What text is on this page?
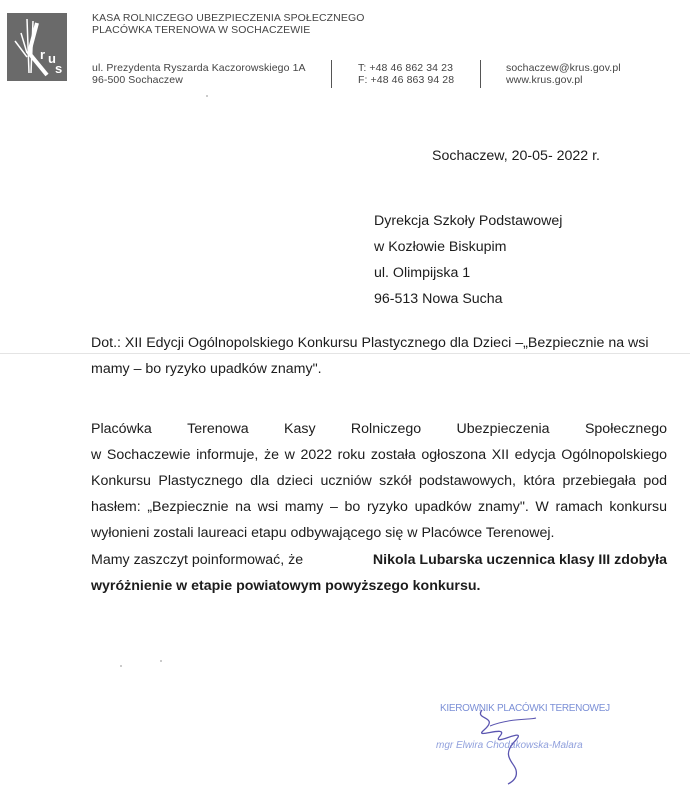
r u
s
KASA ROLNICZEGO UBEZPIECZENIA SPOŁECZNEGO
PLACÓWKA TERENOWA W SOCHACZEWIE
ul. Prezydenta Ryszarda Kaczorowskiego 1A
96-500 Sochaczew
T: +48 46 862 34 23
F: +48 46 863 94 28
sochaczew@krus.gov.pl
www.krus.gov.pl
Sochaczew, 20-05- 2022 r.
Dyrekcja Szkoły Podstawowej
w Kozłowie Biskupim
ul. Olimpijska 1
96-513 Nowa Sucha
Dot.: XII Edycji Ogólnopolskiego Konkursu Plastycznego dla Dzieci –„Bezpiecznie na wsi
mamy – bo ryzyko upadków znamy".
Placówka Terenowa Kasy Rolniczego Ubezpieczenia Społecznego
w Sochaczewie informuje, że w 2022 roku została ogłoszona XII edycja Ogólnopolskiego Konkursu Plastycznego dla dzieci uczniów szkół podstawowych, która przebiegała pod hasłem: „Bezpiecznie na wsi mamy – bo ryzyko upadków znamy". W ramach konkursu wyłonieni zostali laureaci etapu odbywającego się w Placówce Terenowej.
Mamy zaszczyt poinformować, że	Nikola Lubarska uczennica klasy III zdobyła
wyróżnienie w etapie powiatowym powyższego konkursu.
KIEROWNIK PLACÓWKI TERENOWEJ
mgr Elwira Chodakowska-Malara
